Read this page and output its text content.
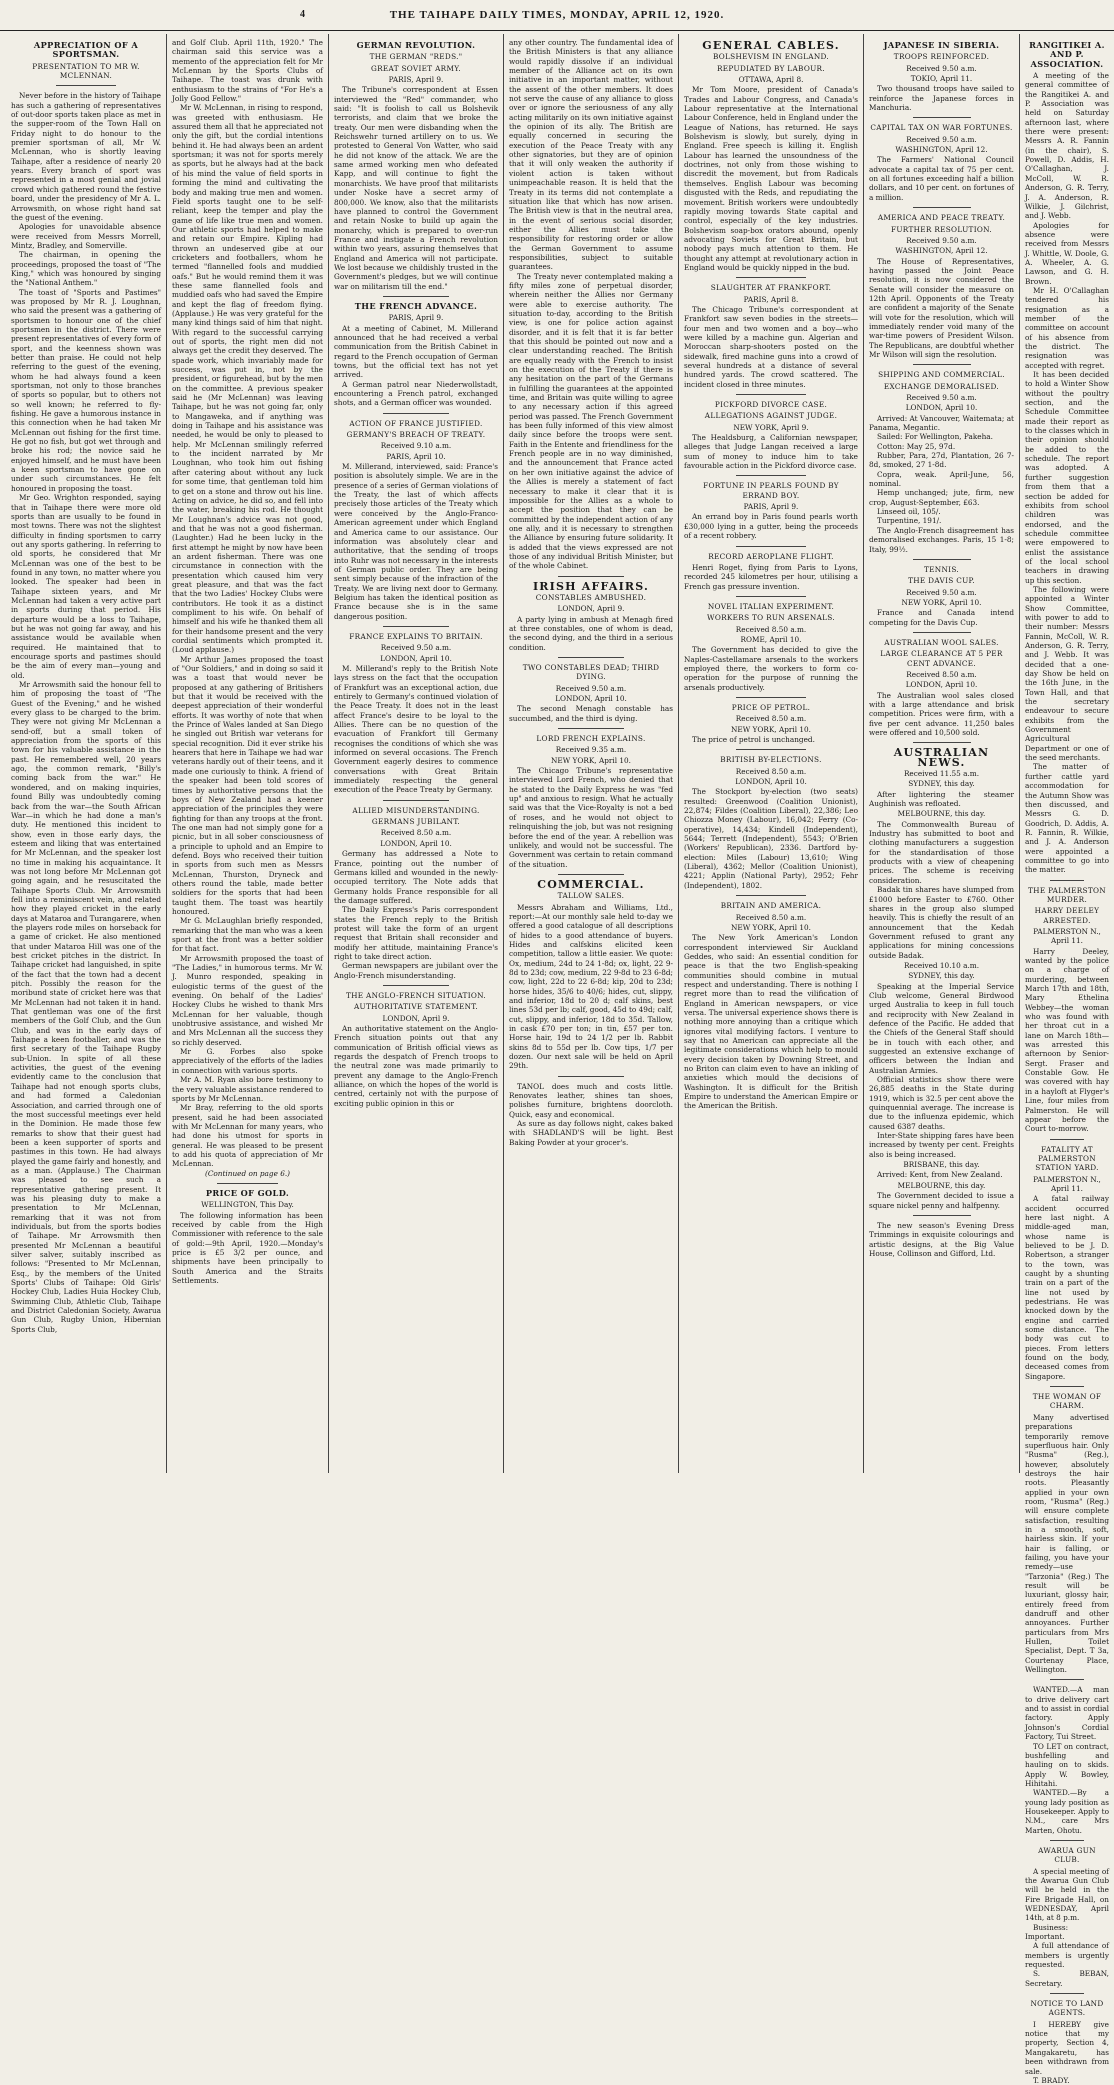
4	THE TAIHAPE DAILY TIMES, MONDAY, APRIL 12, 1920.
APPRECIATION OF A SPORTSMAN.
PRESENTATION TO MR W. MCLENNAN.

Never before in the history of Taihape has such a gathering of representatives of out-door sports taken place as met in the supper-room of the Town Hall on Friday night to do honour to the premier sportsman of all, Mr W. McLennan, who is shortly leaving Taihape, after a residence of nearly 20 years. Every branch of sport was represented in a most genial and jovial crowd which gathered round the festive board, under the presidency of Mr A. L. Arrowsmith, on whose right hand sat the guest of the evening.

Apologies for unavoidable absence were received from Messrs Morrell, Mintz, Bradley, and Somerville.

The chairman, in opening the proceedings, proposed the toast of "The King," which was honoured by singing the "National Anthem."

The toast of "Sports and Pastimes" was proposed by Mr R. J. Loughnan, who said the present was a gathering of sportsmen to honour one of the chief sportsmen in the district. There were present representatives of every form of sport, and the keenness shown was better than praise. He could not help referring to the guest of the evening, whom he had always found a keen sportsman, not only to those branches of sports so popular, but to others not so well known; he referred to fly-fishing. He gave a humorous instance in this connection when he had taken Mr McLennan out fishing for the first time. He got no fish, but got wet through and broke his rod; the novice said he enjoyed himself, and he must have been a keen sportsman to have gone on under such circumstances. He felt honoured in proposing the toast.

Mr Geo. Wrighton responded, saying that in Taihape there were more old sports than are usually to be found in most towns. There was not the slightest difficulty in finding sportsmen to carry out any sports gathering. In referring to old sports, he considered that Mr McLennan was one of the best to be found in any town, no matter where you looked. The speaker had been in Taihape sixteen years, and Mr McLennan had taken a very active part in sports during that period. His departure would be a loss to Taihape, but he was not going far away, and his assistance would be available when required. He maintained that to encourage sports and pastimes should be the aim of every man—young and old.

Mr Arrowsmith said the honour fell to him of proposing the toast of "The Guest of the Evening," and he wished every glass to be charged to the brim. They were not giving Mr McLennan a send-off, but a small token of appreciation from the sports of this town for his valuable assistance in the past. He remembered well, 20 years ago, the common remark, "Billy's coming back from the war." He wondered, and on making inquiries, found Billy was undoubtedly coming back from the war—the South African War—in which he had done a man's duty. He mentioned this incident to show, even in those early days, the esteem and liking that was entertained for Mr McLennan, and the speaker lost no time in making his acquaintance. It was not long before Mr McLennan got going again, and he resuscitated the Taihape Sports Club. Mr Arrowsmith fell into a reminiscent vein, and related how they played cricket in the early days at Mataroa and Turangarere, when the players rode miles on horseback for a game of cricket. He also mentioned that under Mataroa Hill was one of the best cricket pitches in the district. In Taihape cricket had languished, in spite of the fact that the town had a decent pitch. Possibly the reason for the moribund state of cricket here was that Mr McLennan had not taken it in hand. That gentleman was one of the first members of the Golf Club, and the Gun Club, and was in the early days of Taihape a keen footballer, and was the first secretary of the Taihape Rugby sub-Union. In spite of all these activities, the guest of the evening evidently came to the conclusion that Taihape had not enough sports clubs, and had formed a Caledonian Association, and carried through one of the most successful meetings ever held in the Dominion. He made those few remarks to show that their guest had been a keen supporter of sports and pastimes in this town. He had always played the game fairly and honestly, and as a man. (Applause.) The Chairman was pleased to see such a representative gathering present. It was his pleasing duty to make a presentation to Mr McLennan, remarking that it was not from individuals, but from the sports bodies of Taihape. Mr Arrowsmith then presented Mr McLennan a beautiful silver salver, suitably inscribed as follows: "Presented to Mr McLennan, Esq., by the members of the United Sports' Clubs of Taihape: Old Girls' Hockey Club, Ladies Huia Hockey Club, Swimming Club, Athletic Club, Taihape and District Caledonian Society, Awarua Gun Club, Rugby Union, Hibernian Sports Club,

and Golf Club. April 11th, 1920." The chairman said this service was a memento of the appreciation felt for Mr McLennan by the Sports Clubs of Taihape. The toast was drunk with enthusiasm to the strains of "For He's a Jolly Good Fellow."

Mr W. McLennan, in rising to respond, was greeted with enthusiasm. He assured them all that he appreciated not only the gift, but the cordial intentions behind it. He had always been an ardent sportsman; it was not for sports merely as sports, but he always had at the back of his mind the value of field sports in forming the mind and cultivating the body and making true men and women. Field sports taught one to be self-reliant, keep the temper and play the game of life like true men and women. Our athletic sports had helped to make and retain our Empire. Kipling had thrown an undeserved gibe at our cricketers and footballers, whom he termed "flannelled fools and muddied oafs." But he would remind them it was these same flannelled fools and muddied oafs who had saved the Empire and kept the flag of freedom flying. (Applause.) He was very grateful for the many kind things said of him that night. With regard to the successful carrying out of sports, the right men did not always get the credit they deserved. The spade work, which invariably made for success, was put in, not by the president, or figurehead, but by the men on the committee. A previous speaker said he (Mr McLennan) was leaving Taihape, but he was not going far, only to Mangaweka, and if anything was doing in Taihape and his assistance was needed, he would be only to pleased to help. Mr McLennan smilingly referred to the incident narrated by Mr Loughnan, who took him out fishing after catering about without any luck for some time, that gentleman told him to get on a stone and throw out his line. Acting on advice, he did so, and fell into the water, breaking his rod. He thought Mr Loughnan's advice was not good, and that he was not a good fisherman. (Laughter.) Had he been lucky in the first attempt he might by now have been an ardent fisherman. There was one circumstance in connection with the presentation which caused him very great pleasure, and that was the fact that the two Ladies' Hockey Clubs were contributors. He took it as a distinct compliment to his wife. On behalf of himself and his wife he thanked them all for their handsome present and the very cordial sentiments which prompted it. (Loud applause.)

Mr Arthur James proposed the toast of "Our Soldiers," and in doing so said it was a toast that would never be proposed at any gathering of Britishers but that it would be received with the deepest appreciation of their wonderful efforts. It was worthy of note that when the Prince of Wales landed at San Diego he singled out British war veterans for special recognition. Did it ever strike his hearers that here in Taihape we had war veterans hardly out of their teens, and it made one curiously to think. A friend of the speaker had been told scores of times by authoritative persons that the boys of New Zealand had a keener appreciation of the principles they were fighting for than any troops at the front. The one man had not simply gone for a picnic, but in all sober consciousness of a principle to uphold and an Empire to defend. Boys who received their tuition in sports from such men as Messrs McLennan, Thurston, Dryneck and others round the table, made better soldiers for the sports that had been taught them. The toast was heartily honoured.

Mr G. McLaughlan briefly responded, remarking that the man who was a keen sport at the front was a better soldier for that fact.

Mr Arrowsmith proposed the toast of "The Ladies," in humorous terms. Mr W. J. Munro responded, speaking in eulogistic terms of the guest of the evening. On behalf of the Ladies' Hockey Clubs he wished to thank Mrs McLennan for her valuable, though unobtrusive assistance, and wished Mr and Mrs McLennan all the success they so richly deserved.

Mr G. Forbes also spoke appreciatively of the efforts of the ladies in connection with various sports.

Mr A. M. Ryan also bore testimony to the very valuable assistance rendered to sports by Mr McLennan.

Mr Bray, referring to the old sports present, said he had been associated with Mr McLennan for many years, who had done his utmost for sports in general. He was pleased to be present to add his quota of appreciation of Mr McLennan.

(Continued on page 6.)
PRICE OF GOLD.
WELLINGTON, This Day.

The following information has been received by cable from the High Commissioner with reference to the sale of gold:—9th April, 1920.—Monday's price is £5 3/2 per ounce, and shipments have been principally to South America and the Straits Settlements.

GERMAN REVOLUTION.
THE GERMAN "REDS."
GREAT SOVIET ARMY.
PARIS, April 9.

The Tribune's correspondent at Essen interviewed the "Red" commander, who said: "It is foolish to call us Bolshevik terrorists, and claim that we broke the treaty. Our men were disbanding when the Reichswehr turned artillery on to us. We protested to General Von Watter, who said he did not know of the attack. We are the same armed working men who defeated Kapp, and will continue to fight the monarchists. We have proof that militarists under Noske have a secret army of 800,000. We know, also that the militarists have planned to control the Government and retain Noske to build up again the monarchy, which is prepared to over-run France and instigate a French revolution within two years, assuring themselves that England and America will not participate. We lost because we childishly trusted in the Government's pledges, but we will continue war on militarism till the end."

THE FRENCH ADVANCE.
PARIS, April 9.

At a meeting of Cabinet, M. Millerand announced that he had received a verbal communication from the British Cabinet in regard to the French occupation of German towns, but the official text has not yet arrived.

A German patrol near Niederwollstadt, encountering a French patrol, exchanged shots, and a German officer was wounded.

ACTION OF FRANCE JUSTIFIED.
GERMANY'S BREACH OF TREATY.
Received 9.10 a.m.
PARIS, April 10.

M. Millerand, interviewed, said: France's position is absolutely simple. We are in the presence of a series of German violations of the Treaty, the last of which affects precisely those articles of the Treaty which were conceived by the Anglo-Franco-American agreement under which England and America came to our assistance. Our information was absolutely clear and authoritative, that the sending of troops into Ruhr was not necessary in the interests of German public order. They are being sent simply because of the infraction of the Treaty. We are living next door to Germany. Belgium has taken the identical position as France because she is in the same dangerous position.

FRANCE EXPLAINS TO BRITAIN.
Received 9.50 a.m.
LONDON, April 10.

M. Millerand's reply to the British Note lays stress on the fact that the occupation of Frankfurt was an exceptional action, due entirely to Germany's continued violation of the Peace Treaty. It does not in the least affect France's desire to be loyal to the Allies. There can be no question of the evacuation of Frankfort till Germany recognises the conditions of which she was informed on several occasions. The French Government eagerly desires to commence conversations with Great Britain immediately respecting the general execution of the Peace Treaty by Germany.

ALLIED MISUNDERSTANDING.
GERMANS JUBILANT.
Received 8.50 a.m.
LONDON, April 10.

Germany has addressed a Note to France, pointing out the number of Germans killed and wounded in the newly-occupied territory. The Note adds that Germany holds France responsible for all the damage suffered.

The Daily Express's Paris correspondent states the French reply to the British protest will take the form of an urgent request that Britain shall reconsider and modify her attitude, maintaining France's right to take direct action.

German newspapers are jubilant over the Anglo-French misunderstanding.

THE ANGLO-FRENCH SITUATION.
AUTHORITATIVE STATEMENT.
LONDON, April 9.

An authoritative statement on the Anglo-French situation points out that any communication of British official views as regards the despatch of French troops to the neutral zone was made primarily to prevent any damage to the Anglo-French alliance, on which the hopes of the world is centred, certainly not with the purpose of exciting public opinion in this or

any other country. The fundamental idea of the British Ministers is that any alliance would rapidly dissolve if an individual member of the Alliance act on its own initiative in an important matter, without the assent of the other members. It does not serve the cause of any alliance to gloss over or ignore the seriousness of any ally acting militarily on its own initiative against the opinion of its ally. The British are equally concerned in securing the execution of the Peace Treaty with any other signatories, but they are of opinion that it will only weaken the authority if violent action is taken without unimpeachable reason. It is held that the Treaty in its terms did not contemplate a situation like that which has now arisen. The British view is that in the neutral area, in the event of serious social disorder, either the Allies must take the responsibility for restoring order or allow the German Government to assume responsibilities, subject to suitable guarantees.

The Treaty never contemplated making a fifty miles zone of perpetual disorder, wherein neither the Allies nor Germany were able to exercise authority. The situation to-day, according to the British view, is one for police action against disorder, and it is felt that it is far better that this should be pointed out now and a clear understanding reached. The British are equally ready with the French to insist on the execution of the Treaty if there is any hesitation on the part of the Germans in fulfilling the guarantees at the appointed time, and Britain was quite willing to agree to any necessary action if this agreed period was passed. The French Government has been fully informed of this view almost daily since before the troops were sent. Faith in the Entente and friendliness for the French people are in no way diminished, and the announcement that France acted on her own initiative against the advice of the Allies is merely a statement of fact necessary to make it clear that it is impossible for the Allies as a whole to accept the position that they can be committed by the independent action of any one ally, and it is necessary to strengthen the Alliance by ensuring future solidarity. It is added that the views expressed are not those of any individual British Minister, but of the whole Cabinet.

IRISH AFFAIRS.
CONSTABLES AMBUSHED.
LONDON, April 9.

A party lying in ambush at Menagh fired at three constables, one of whom is dead, the second dying, and the third in a serious condition.

TWO CONSTABLES DEAD; THIRD DYING.
Received 9.50 a.m.
LONDON, April 10.

The second Menagh constable has succumbed, and the third is dying.

LORD FRENCH EXPLAINS.
Received 9.35 a.m.
NEW YORK, April 10.

The Chicago Tribune's representative interviewed Lord French, who denied that he stated to the Daily Express he was "fed up" and anxious to resign. What he actually said was that the Vice-Royalty is not a bed of roses, and he would not object to relinquishing the job, but was not resigning before the end of the year. A rebellion was unlikely, and would not be successful. The Government was certain to retain command of the situation.

COMMERCIAL.
TALLOW SALES.

Messrs Abraham and Williams, Ltd., report:—At our monthly sale held to-day we offered a good catalogue of all descriptions of hides to a good attendance of buyers. Hides and calfskins elicited keen competition, tallow a little easier. We quote: Ox, medium, 24d to 24 1-8d; ox, light, 22 9-8d to 23d; cow, medium, 22 9-8d to 23 6-8d; cow, light, 22d to 22 6-8d; kip, 20d to 23d; horse hides, 35/6 to 40/6; hides, cut, slippy, and inferior, 18d to 20 d; calf skins, best lines 53d per lb; calf, good, 45d to 49d; calf, cut, slippy, and inferior, 18d to 35d. Tallow, in cask £70 per ton; in tin, £57 per ton. Horse hair, 19d to 24 1/2 per lb. Rabbit skins 8d to 55d per lb. Cow tips, 1/7 per dozen. Our next sale will be held on April 29th.

TANOL does much and costs little. Renovates leather, shines tan shoes, polishes furniture, brightens doorcloth. Quick, easy and economical.

As sure as day follows night, cakes baked with SHADLAND'S will be light. Best Baking Powder at your grocer's.

GENERAL CABLES.
BOLSHEVISM IN ENGLAND.
REPUDIATED BY LABOUR.
OTTAWA, April 8.

Mr Tom Moore, president of Canada's Trades and Labour Congress, and Canada's Labour representative at the International Labour Conference, held in England under the League of Nations, has returned. He says Bolshevism is slowly, but surely, dying in England. Free speech is killing it. English Labour has learned the unsoundness of the doctrines, not only from those wishing to discredit the movement, but from Radicals themselves. English Labour was becoming disgusted with the Reds, and repudiating the movement. British workers were undoubtedly rapidly moving towards State capital and control, especially of the key industries. Bolshevism soap-box orators abound, openly advocating Soviets for Great Britain, but nobody pays much attention to them. He thought any attempt at revolutionary action in England would be quickly nipped in the bud.

SLAUGHTER AT FRANKFORT.
PARIS, April 8.

The Chicago Tribune's correspondent at Frankfort saw seven bodies in the streets—four men and two women and a boy—who were killed by a machine gun. Algerian and Moroccan sharp-shooters posted on the sidewalk, fired machine guns into a crowd of several hundreds at a distance of several hundred yards. The crowd scattered. The incident closed in three minutes.

PICKFORD DIVORCE CASE.
ALLEGATIONS AGAINST JUDGE.
NEW YORK, April 9.

The Healdsburg, a Californian newspaper, alleges that Judge Langan received a large sum of money to induce him to take favourable action in the Pickford divorce case.

FORTUNE IN PEARLS FOUND BY ERRAND BOY.
PARIS, April 9.

An errand boy in Paris found pearls worth £30,000 lying in a gutter, being the proceeds of a recent robbery.

RECORD AEROPLANE FLIGHT.

Henri Roget, flying from Paris to Lyons, recorded 245 kilometres per hour, utilising a French gas pressure invention.

NOVEL ITALIAN EXPERIMENT.
WORKERS TO RUN ARSENALS.
Received 8.50 a.m.
ROME, April 10.

The Government has decided to give the Naples-Castellamare arsenals to the workers employed there, the workers to form co-operation for the purpose of running the arsenals productively.

PRICE OF PETROL.
Received 8.50 a.m.
NEW YORK, April 10.

The price of petrol is unchanged.

BRITISH BY-ELECTIONS.
Received 8.50 a.m.
LONDON, April 10.

The Stockport by-election (two seats) resulted: Greenwood (Coalition Unionist), 22,874; Fildes (Coalition Liberal), 22,386; Leo Chiozza Money (Labour), 16,042; Ferry (Co-operative), 14,434; Kindell (Independent), 5644; Terrett (Independent), 5543; O'Brien (Workers' Republican), 2336. Dartford by-election: Miles (Labour) 13,610; Wing (Liberal), 4362; Mellor (Coalition Unionist), 4221; Applin (National Party), 2952; Fehr (Independent), 1802.

BRITAIN AND AMERICA.
Received 8.50 a.m.
NEW YORK, April 10.

The New York American's London correspondent interviewed Sir Auckland Geddes, who said: An essential condition for peace is that the two English-speaking communities should combine in mutual respect and understanding. There is nothing I regret more than to read the vilification of England in American newspapers, or vice versa. The universal experience shows there is nothing more annoying than a critique which ignores vital modifying factors. I venture to say that no American can appreciate all the legitimate considerations which help to mould every decision taken by Downing Street, and no Briton can claim even to have an inkling of anxieties which mould the decisions of Washington. It is difficult for the British Empire to understand the American Empire or the American the British.

JAPANESE IN SIBERIA.
TROOPS REINFORCED.
Received 9.50 a.m.
TOKIO, April 11.

Two thousand troops have sailed to reinforce the Japanese forces in Manchuria.

CAPITAL TAX ON WAR FORTUNES.
Received 9.50 a.m.
WASHINGTON, April 12.

The Farmers' National Council advocate a capital tax of 75 per cent. on all fortunes exceeding half a billion dollars, and 10 per cent. on fortunes of a million.

AMERICA AND PEACE TREATY.
FURTHER RESOLUTION.
Received 9.50 a.m.
WASHINGTON, April 12.

The House of Representatives, having passed the Joint Peace resolution, it is now considered the Senate will consider the measure on 12th April. Opponents of the Treaty are confident a majority of the Senate will vote for the resolution, which will immediately render void many of the war-time powers of President Wilson. The Republicans, are doubtful whether Mr Wilson will sign the resolution.

SHIPPING AND COMMERCIAL.
EXCHANGE DEMORALISED.
Received 9.50 a.m.
LONDON, April 10.

Arrived: At Vancouver, Waitemata; at Panama, Megantic.

Sailed: For Wellington, Pakeha.

Cotton: May 25, 97d.

Rubber, Para, 27d, Plantation, 26 7-8d, smoked, 27 1-8d.

Copra, weak. April-June, 56, nominal.

Hemp unchanged; jute, firm, new crop, August-September, £63.

Linseed oil, 105/.

Turpentine, 191/.

The Anglo-French disagreement has demoralised exchanges. Paris, 15 1-8; Italy, 99½.

TENNIS.
THE DAVIS CUP.
Received 9.50 a.m.
NEW YORK, April 10.

France and Canada intend competing for the Davis Cup.

AUSTRALIAN WOOL SALES.
LARGE CLEARANCE AT 5 PER CENT ADVANCE.
Received 8.50 a.m.
LONDON, April 10.

The Australian wool sales closed with a large attendance and brisk competition. Prices were firm, with a five per cent advance. 11,250 bales were offered and 10,500 sold.

AUSTRALIAN NEWS.
Received 11.55 a.m.
SYDNEY, this day.

After lightering the steamer Aughinish was refloated.

MELBOURNE, this day.

The Commonwealth Bureau of Industry has submitted to boot and clothing manufacturers a suggestion for the standardisation of those products with a view of cheapening prices. The scheme is receiving consideration.

Badak tin shares have slumped from £1000 before Easter to £760. Other shares in the group also slumped heavily. This is chiefly the result of an announcement that the Kedah Government refused to grant any applications for mining concessions outside Badak.

Received 10.10 a.m.
SYDNEY, this day.

Speaking at the Imperial Service Club welcome, General Birdwood urged Australia to keep in full touch and reciprocity with New Zealand in defence of the Pacific. He added that the Chiefs of the General Staff should be in touch with each other, and suggested an extensive exchange of officers between the Indian and Australian Armies.

Official statistics show there were 26,885 deaths in the State during 1919, which is 32.5 per cent above the quinquennial average. The increase is due to the influenza epidemic, which caused 6387 deaths.

Inter-State shipping fares have been increased by twenty per cent. Freights also is being increased.

BRISBANE, this day.

Arrived: Kent, from New Zealand.

MELBOURNE, this day.

The Government decided to issue a square nickel penny and halfpenny.

The new season's Evening Dress Trimmings in exquisite colourings and artistic designs, at the Big Value House, Collinson and Gifford, Ltd.

RANGITIKEI A. AND P. ASSOCIATION.

A meeting of the general committee of the Rangitikei A. and P. Association was held on Saturday afternoon last, where there were present: Messrs A. R. Fannin (in the chair), S. Powell, D. Addis, H. O'Callaghan, J. McColl, W. R. Anderson, G. R. Terry, J. A. Anderson, R. Wilkie, J. Gilchrist, and J. Webb.

Apologies for absence were received from Messrs J. Whittle, W. Doole, G. A. Wheeler, A. G. Lawson, and G. H. Brown.

Mr H. O'Callaghan tendered his resignation as a member of the committee on account of his absence from the district. The resignation was accepted with regret.

It has been decided to hold a Winter Show without the poultry section, and the Schedule Committee made their report as to the classes which in their opinion should be added to the schedule. The report was adopted. A further suggestion from them that a section be added for exhibits from school children was endorsed, and the schedule committee were empowered to enlist the assistance of the local school teachers in drawing up this section.

The following were appointed a Winter Show Committee, with power to add to their number: Messrs Fannin, McColl, W. R. Anderson, G. R. Terry, and J. Webb. It was decided that a one-day Show be held on the 16th June, in the Town Hall, and that the secretary endeavour to secure exhibits from the Government Agricultural Department or one of the seed merchants.

The matter of further cattle yard accommodation for the Autumn Show was then discussed, and Messrs G. D. Goodrich, D. Addis, A. R. Fannin, R. Wilkie, and J. A. Anderson were appointed a committee to go into the matter.

THE PALMERSTON MURDER.
HARRY DEELEY ARRESTED.
PALMERSTON N., April 11.

Harry Deeley, wanted by the police on a charge of murdering, between March 17th and 18th, Mary Ethelina Webbey—the woman who was found with her throat cut in a lane on March 18th—was arrested this afternoon by Senior-Sergt. Fraser and Constable Gow. He was covered with hay in a hayloft at Flyger's Line, four miles from Palmerston. He will appear before the Court to-morrow.

FATALITY AT PALMERSTON STATION YARD.
PALMERSTON N., April 11.

A fatal railway accident occurred here last night. A middle-aged man, whose name is believed to be J. D. Robertson, a stranger to the town, was caught by a shunting train on a part of the line not used by pedestrians. He was knocked down by the engine and carried some distance. The body was cut to pieces. From letters found on the body, deceased comes from Singapore.

THE WOMAN OF CHARM.

Many advertised preparations temporarily remove superfluous hair. Only "Rusma" (Reg.), however, absolutely destroys the hair roots. Pleasantly applied in your own room, "Rusma" (Reg.) will ensure complete satisfaction, resulting in a smooth, soft, hairless skin. If your hair is falling, or failing, you have your remedy—use "Tarzonia" (Reg.) The result will be luxuriant, glossy hair, entirely freed from dandruff and other annoyances. Further particulars from Mrs Hullen, Toilet Specialist, Dept. T 3a, Courtenay Place, Wellington.

WANTED.—A man to drive delivery cart and to assist in cordial factory. Apply Johnson's Cordial Factory, Tui Street.

TO LET on contract, bushfelling and hauling on to skids. Apply W. Bowley, Hihitahi.

WANTED.—By a young lady position as Housekeeper. Apply to N.M., care Mrs Marten, Ohotu.

AWARUA GUN CLUB.

A special meeting of the Awarua Gun Club will be held in the Fire Brigade Hall, on WEDNESDAY, April 14th, at 8 p.m.

Business: Important.

A full attendance of members is urgently requested.

S. BEBAN, Secretary.

NOTICE TO LAND AGENTS.

I HEREBY give notice that my property, Section 4, Mangakaretu, has been withdrawn from sale.

T. BRADY.
